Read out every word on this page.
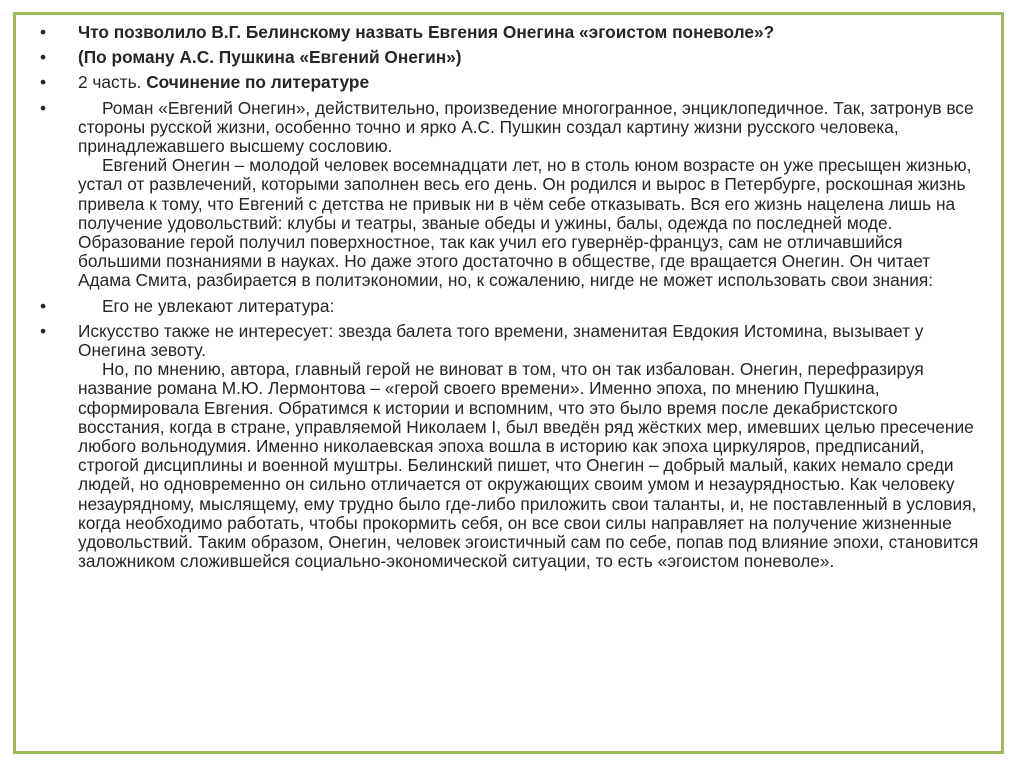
• Что позволило В.Г. Белинскому назвать Евгения Онегина «эгоистом поневоле»?

• (По роману А.С. Пушкина «Евгений Онегин»)

• 2 часть. Сочинение по литературе

•	Роман «Евгений Онегин», действительно, произведение многогранное, энциклопедичное. Так, затронув все стороны русской жизни, особенно точно и ярко А.С. Пушкин создал картину жизни русского человека, принадлежавшего высшему сословию.

Евгений Онегин – молодой человек восемнадцати лет, но в столь юном возрасте он уже пресыщен жизнью, устал от развлечений, которыми заполнен весь его день. Он родился и вырос в Петербурге, роскошная жизнь привела к тому, что Евгений с детства не привык ни в чём себе отказывать. Вся его жизнь нацелена лишь на получение удовольствий: клубы и театры, званые обеды и ужины, балы, одежда по последней моде. Образование герой получил поверхностное, так как учил его гувернёр-француз, сам не отличавшийся большими познаниями в науках. Но даже этого достаточно в обществе, где вращается Онегин. Он читает Адама Смита, разбирается в политэкономии, но, к сожалению, нигде не может использовать свои знания:

•	Его не увлекают литература:

• Искусство также не интересует: звезда балета того времени, знаменитая Евдокия Истомина, вызывает у Онегина зевоту.

Но, по мнению, автора, главный герой не виноват в том, что он так избалован. Онегин, перефразируя название романа М.Ю. Лермонтова – «герой своего времени». Именно эпоха, по мнению Пушкина, сформировала Евгения. Обратимся к истории и вспомним, что это было время после декабристского восстания, когда в стране, управляемой Николаем I, был введён ряд жёстких мер, имевших целью пресечение любого вольнодумия. Именно николаевская эпоха вошла в историю как эпоха циркуляров, предписаний, строгой дисциплины и военной муштры. Белинский пишет, что Онегин – добрый малый, каких немало среди людей, но одновременно он сильно отличается от окружающих своим умом и незаурядностью. Как человеку незаурядному, мыслящему, ему трудно было где-либо приложить свои таланты, и, не поставленный в условия, когда необходимо работать, чтобы прокормить себя, он все свои силы направляет на получение жизненные удовольствий. Таким образом, Онегин, человек эгоистичный сам по себе, попав под влияние эпохи, становится заложником сложившейся социально-экономической ситуации, то есть «эгоистом поневоле».
